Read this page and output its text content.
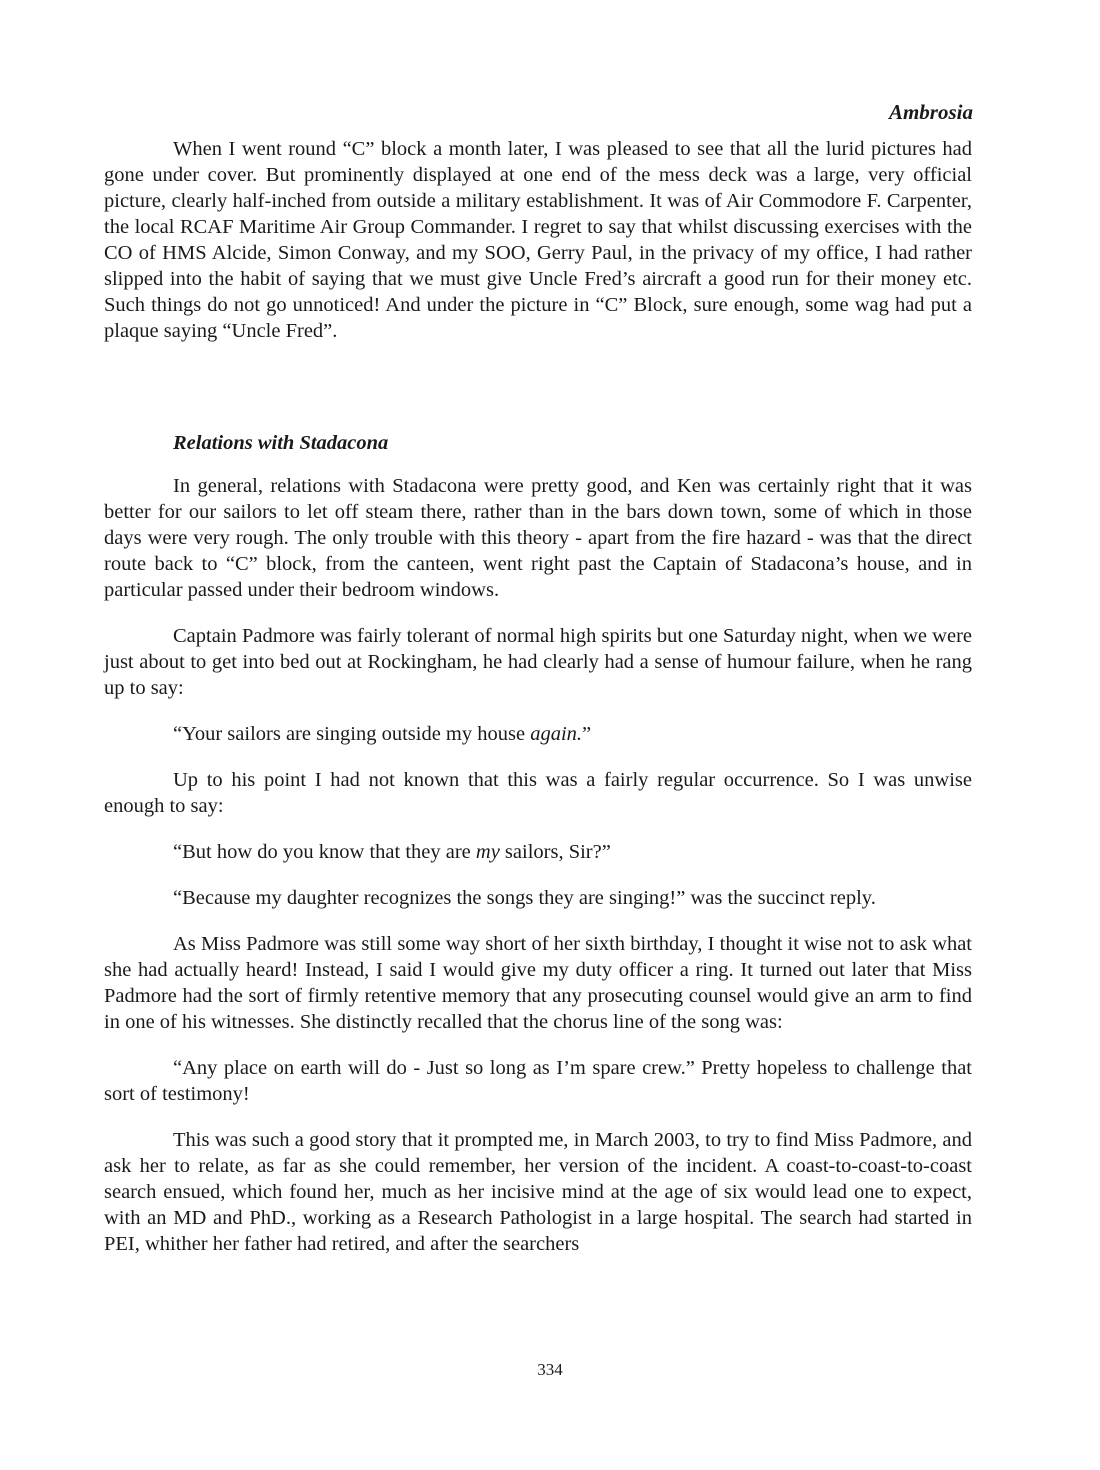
Ambrosia

When I went round “C” block a month later, I was pleased to see that all the lurid pictures had gone under cover. But prominently displayed at one end of the mess deck was a large, very official picture, clearly half-inched from outside a military establishment. It was of Air Commodore F. Carpenter, the local RCAF Maritime Air Group Commander. I regret to say that whilst discussing exercises with the CO of HMS Alcide, Simon Conway, and my SOO, Gerry Paul, in the privacy of my office, I had rather slipped into the habit of saying that we must give Uncle Fred’s aircraft a good run for their money etc. Such things do not go unnoticed! And under the picture in “C” Block, sure enough, some wag had put a plaque saying “Uncle Fred”.

Relations with Stadacona

In general, relations with Stadacona were pretty good, and Ken was certainly right that it was better for our sailors to let off steam there, rather than in the bars down town, some of which in those days were very rough. The only trouble with this theory - apart from the fire hazard - was that the direct route back to “C” block, from the canteen, went right past the Captain of Stadacona’s house, and in particular passed under their bedroom windows.

Captain Padmore was fairly tolerant of normal high spirits but one Saturday night, when we were just about to get into bed out at Rockingham, he had clearly had a sense of humour failure, when he rang up to say:

“Your sailors are singing outside my house again.”

Up to his point I had not known that this was a fairly regular occurrence. So I was unwise enough to say:

“But how do you know that they are my sailors, Sir?”

“Because my daughter recognizes the songs they are singing!” was the succinct reply.

As Miss Padmore was still some way short of her sixth birthday, I thought it wise not to ask what she had actually heard! Instead, I said I would give my duty officer a ring. It turned out later that Miss Padmore had the sort of firmly retentive memory that any prosecuting counsel would give an arm to find in one of his witnesses. She distinctly recalled that the chorus line of the song was:

“Any place on earth will do - Just so long as I’m spare crew.” Pretty hopeless to challenge that sort of testimony!

This was such a good story that it prompted me, in March 2003, to try to find Miss Padmore, and ask her to relate, as far as she could remember, her version of the incident. A coast-to-coast-to-coast search ensued, which found her, much as her incisive mind at the age of six would lead one to expect, with an MD and PhD., working as a Research Pathologist in a large hospital. The search had started in PEI, whither her father had retired, and after the searchers

334
